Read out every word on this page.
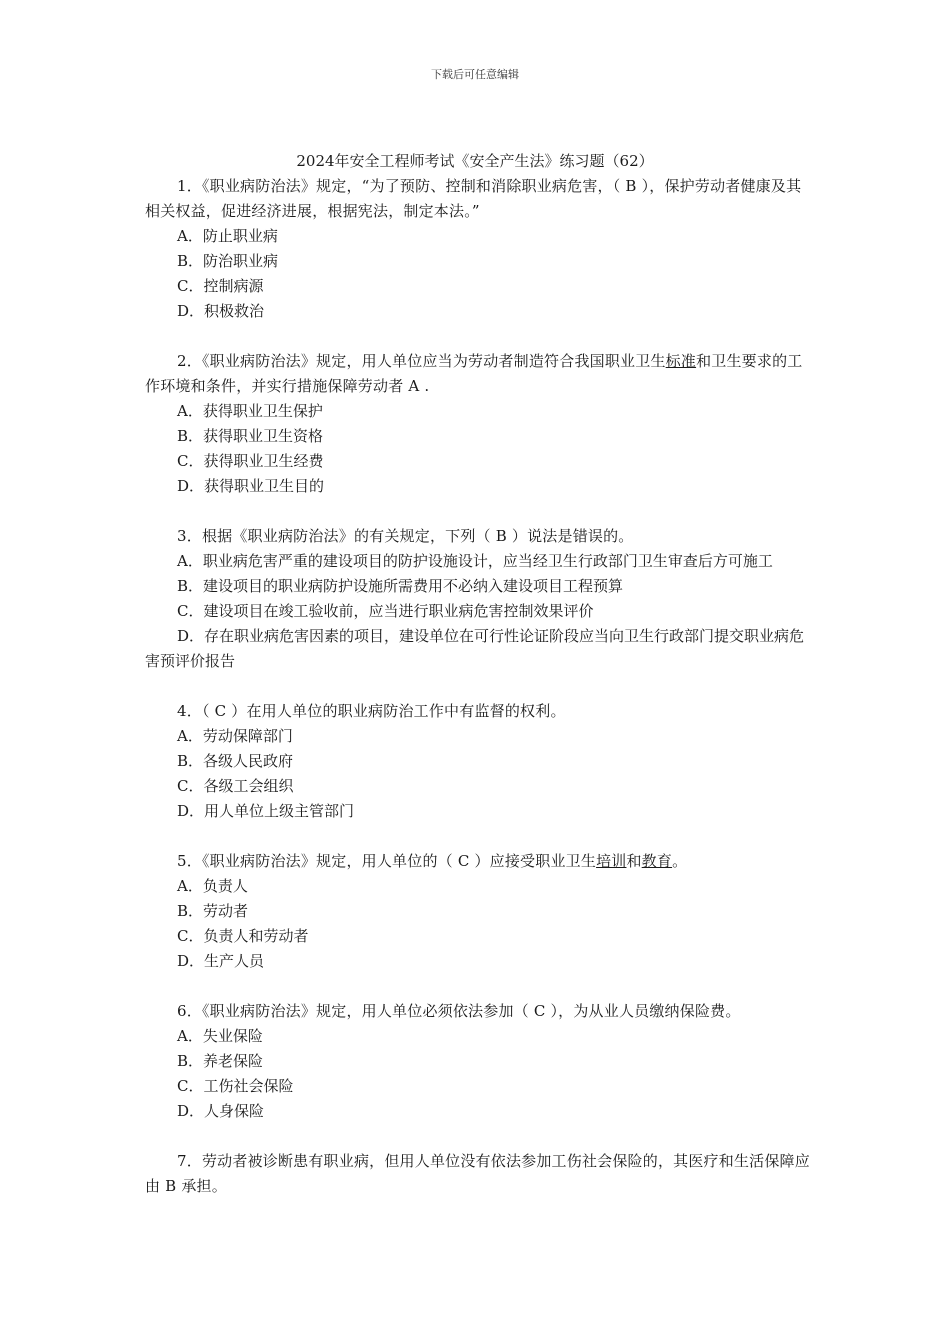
下载后可任意编辑
2024年安全工程师考试《安全产生法》练习题（62）

1．《职业病防治法》规定，“为了预防、控制和消除职业病危害，（ B ），保护劳动者健康及其相关权益，促进经济进展，根据宪法，制定本法。”

A．防止职业病

B．防治职业病

C．控制病源

D．积极救治

2．《职业病防治法》规定，用人单位应当为劳动者制造符合我国职业卫生标准和卫生要求的工作环境和条件，并实行措施保障劳动者 A .

A．获得职业卫生保护

B．获得职业卫生资格

C．获得职业卫生经费

D．获得职业卫生目的

3．根据《职业病防治法》的有关规定，下列（ B ）说法是错误的。

A．职业病危害严重的建设项目的防护设施设计，应当经卫生行政部门卫生审查后方可施工

B．建设项目的职业病防护设施所需费用不必纳入建设项目工程预算

C．建设项目在竣工验收前，应当进行职业病危害控制效果评价

D．存在职业病危害因素的项目，建设单位在可行性论证阶段应当向卫生行政部门提交职业病危害预评价报告

4．（ C ）在用人单位的职业病防治工作中有监督的权利。

A．劳动保障部门

B．各级人民政府

C．各级工会组织

D．用人单位上级主管部门

5．《职业病防治法》规定，用人单位的（ C ）应接受职业卫生培训和教育。

A．负责人

B．劳动者

C．负责人和劳动者

D．生产人员

6．《职业病防治法》规定，用人单位必须依法参加（ C ），为从业人员缴纳保险费。

A．失业保险

B．养老保险

C．工伤社会保险

D．人身保险

7．劳动者被诊断患有职业病，但用人单位没有依法参加工伤社会保险的，其医疗和生活保障应由 B 承担。
